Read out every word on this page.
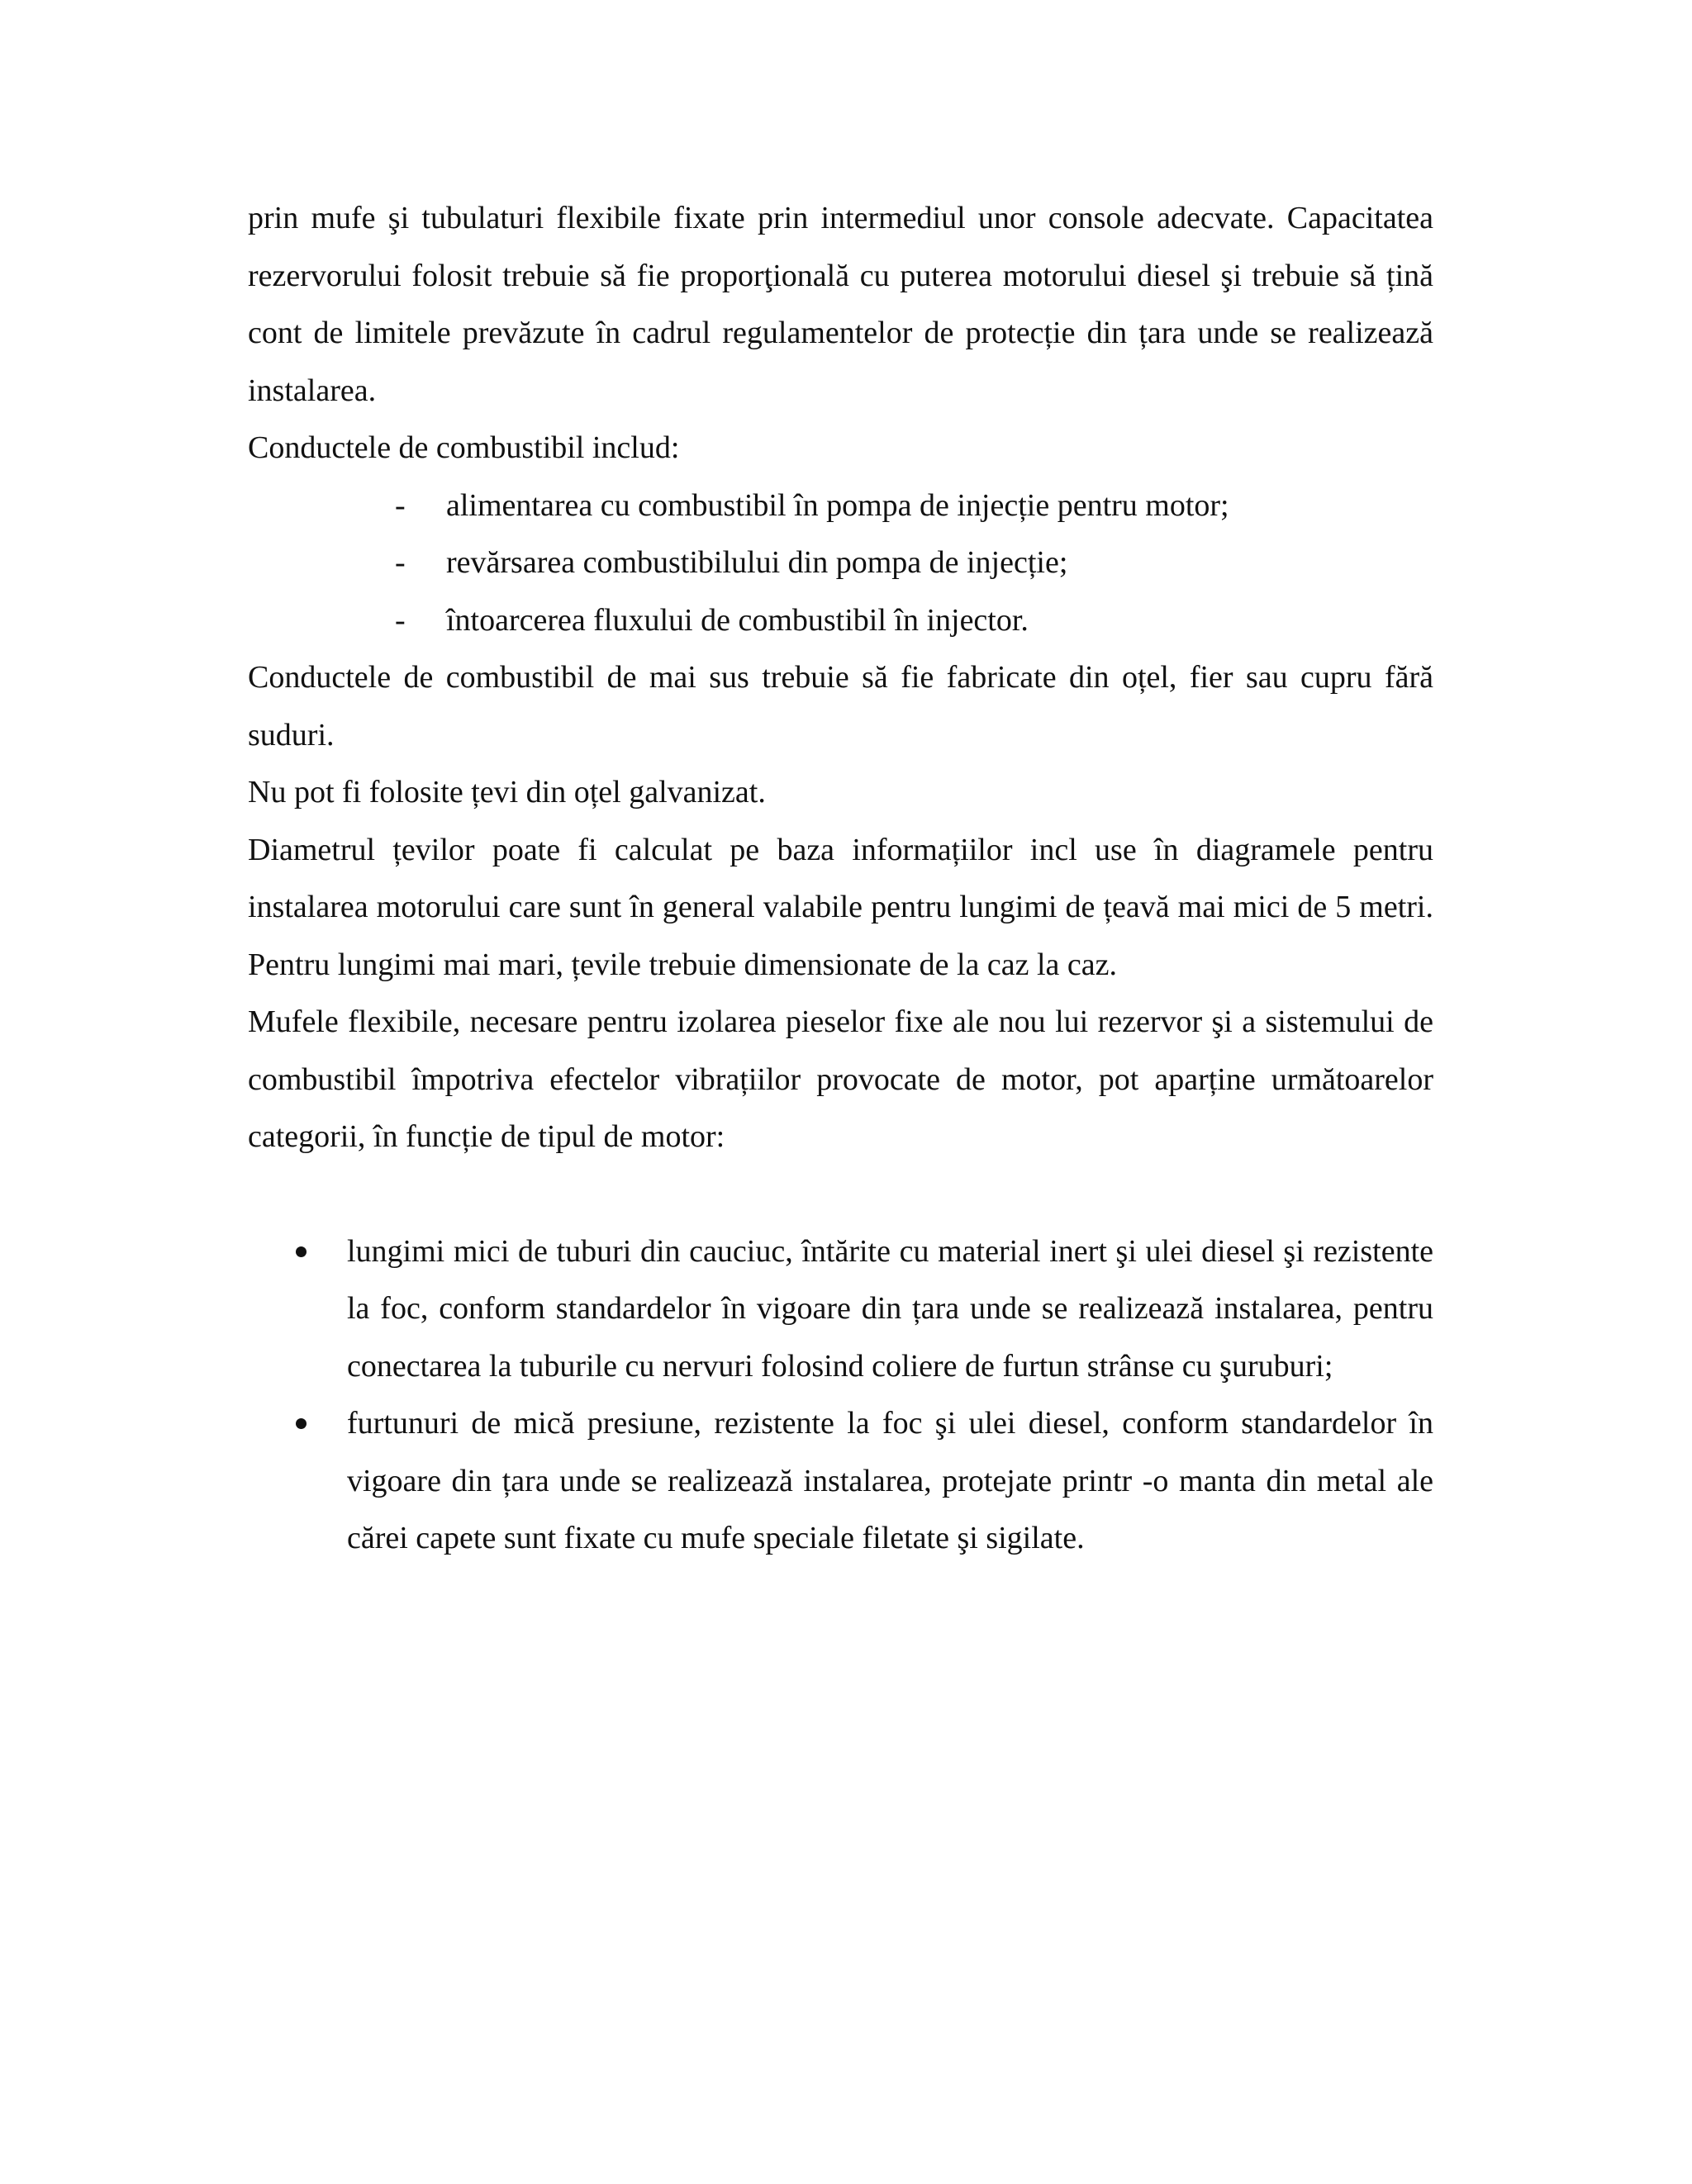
prin mufe şi tubulaturi flexibile fixate prin intermediul unor console adecvate. Capacitatea rezervorului folosit trebuie să fie proporţională cu puterea motorului diesel şi trebuie să țină cont de limitele prevăzute în cadrul regulamentelor de protecție din țara unde se realizează instalarea.

Conductele de combustibil includ:

- alimentarea cu combustibil în pompa de injecție pentru motor;
- revărsarea combustibilului din pompa de injecție;
- întoarcerea fluxului de combustibil în injector.

Conductele de combustibil de mai sus trebuie să fie fabricate din oțel, fier sau cupru fără suduri.

Nu pot fi folosite țevi din oțel galvanizat.

Diametrul țevilor poate fi calculat pe baza informațiilor incl use în diagramele pentru instalarea motorului care sunt în general valabile pentru lungimi de țeavă mai mici de 5 metri. Pentru lungimi mai mari, țevile trebuie dimensionate de la caz la caz.

Mufele flexibile, necesare pentru izolarea pieselor fixe ale nou lui rezervor şi a sistemului de combustibil împotriva efectelor vibrațiilor provocate de motor, pot aparține următoarelor categorii, în funcție de tipul de motor:

lungimi mici de tuburi din cauciuc, întărite cu material inert şi ulei diesel şi rezistente la foc, conform standardelor în vigoare din țara unde se realizează instalarea, pentru conectarea la tuburile cu nervuri folosind coliere de furtun strânse cu şuruburi;
furtunuri de mică presiune, rezistente la foc şi ulei diesel, conform standardelor în vigoare din țara unde se realizează instalarea, protejate printr -o manta din metal ale cărei capete sunt fixate cu mufe speciale filetate şi sigilate.
